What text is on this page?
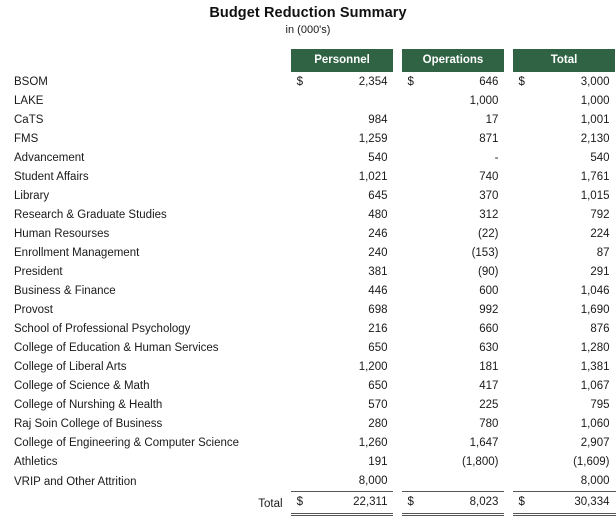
Budget Reduction Summary
in (000's)
	Personnel			Operations			Total	
BSOM	$	2,354		$	646		$	3,000
LAKE					1,000			1,000
CaTS		984			17			1,001
FMS		1,259			871			2,130
Advancement		540			-			540
Student Affairs		1,021			740			1,761
Library		645			370			1,015
Research & Graduate Studies		480			312			792
Human Resourses		246			(22)			224
Enrollment Management		240			(153)			87
President		381			(90)			291
Business & Finance		446			600			1,046
Provost		698			992			1,690
School of Professional Psychology		216			660			876
College of Education & Human Services		650			630			1,280
College of Liberal Arts		1,200			181			1,381
College of Science & Math		650			417			1,067
College of Nurshing & Health		570			225			795
Raj Soin College of Business		280			780			1,060
College of Engineering & Computer Science		1,260			1,647			2,907
Athletics		191			(1,800)			(1,609)
VRIP and Other Attrition		8,000						8,000
Total	$	22,311		$	8,023		$	30,334
